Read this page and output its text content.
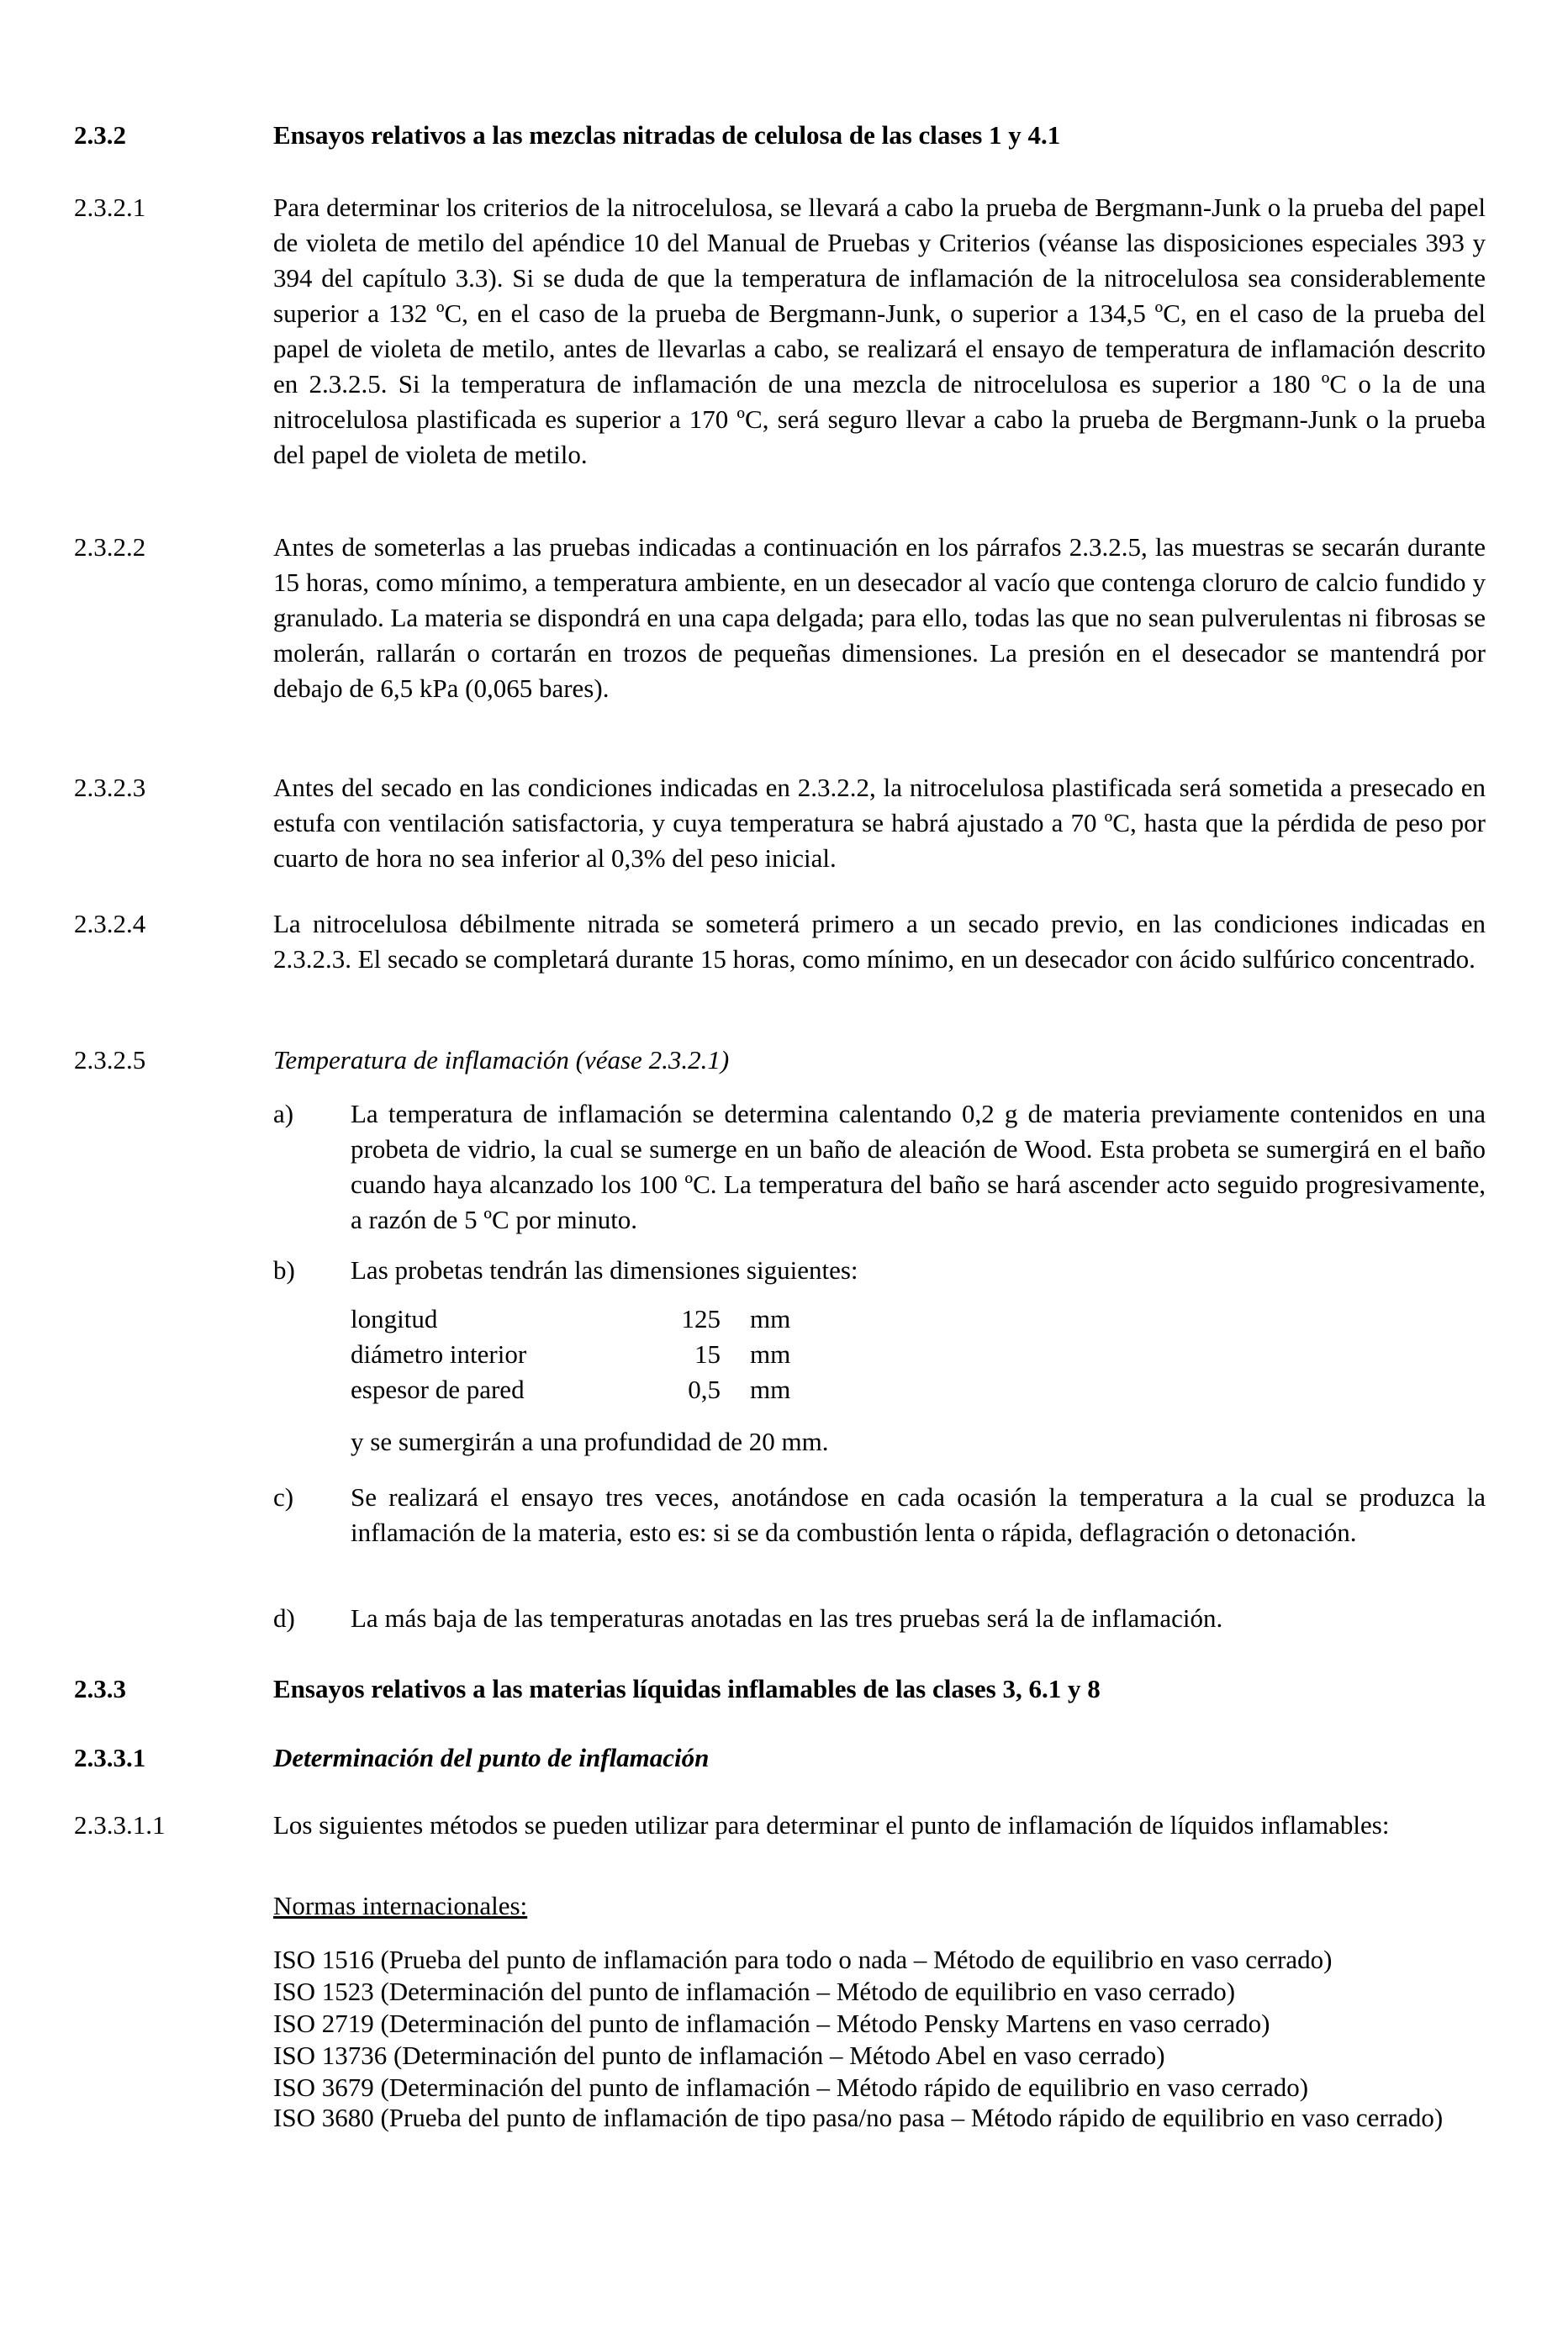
2.3.2	Ensayos relativos a las mezclas nitradas de celulosa de las clases 1 y 4.1
2.3.2.1	Para determinar los criterios de la nitrocelulosa, se llevará a cabo la prueba de Bergmann-Junk o la prueba del papel de violeta de metilo del apéndice 10 del Manual de Pruebas y Criterios (véanse las disposiciones especiales 393 y 394 del capítulo 3.3). Si se duda de que la temperatura de inflamación de la nitrocelulosa sea considerablemente superior a 132 ºC, en el caso de la prueba de Bergmann-Junk, o superior a 134,5 ºC, en el caso de la prueba del papel de violeta de metilo, antes de llevarlas a cabo, se realizará el ensayo de temperatura de inflamación descrito en 2.3.2.5. Si la temperatura de inflamación de una mezcla de nitrocelulosa es superior a 180 ºC o la de una nitrocelulosa plastificada es superior a 170 ºC, será seguro llevar a cabo la prueba de Bergmann-Junk o la prueba del papel de violeta de metilo.
2.3.2.2	Antes de someterlas a las pruebas indicadas a continuación en los párrafos 2.3.2.5, las muestras se secarán durante 15 horas, como mínimo, a temperatura ambiente, en un desecador al vacío que contenga cloruro de calcio fundido y granulado. La materia se dispondrá en una capa delgada; para ello, todas las que no sean pulverulentas ni fibrosas se molerán, rallarán o cortarán en trozos de pequeñas dimensiones. La presión en el desecador se mantendrá por debajo de 6,5 kPa (0,065 bares).
2.3.2.3	Antes del secado en las condiciones indicadas en 2.3.2.2, la nitrocelulosa plastificada será sometida a presecado en estufa con ventilación satisfactoria, y cuya temperatura se habrá ajustado a 70 ºC, hasta que la pérdida de peso por cuarto de hora no sea inferior al 0,3% del peso inicial.
2.3.2.4	La nitrocelulosa débilmente nitrada se someterá primero a un secado previo, en las condiciones indicadas en 2.3.2.3. El secado se completará durante 15 horas, como mínimo, en un desecador con ácido sulfúrico concentrado.
2.3.2.5	Temperatura de inflamación (véase 2.3.2.1)
a) La temperatura de inflamación se determina calentando 0,2 g de materia previamente contenidos en una probeta de vidrio, la cual se sumerge en un baño de aleación de Wood. Esta probeta se sumergirá en el baño cuando haya alcanzado los 100 ºC. La temperatura del baño se hará ascender acto seguido progresivamente, a razón de 5 ºC por minuto.
b) Las probetas tendrán las dimensiones siguientes:
longitud	125 mm
diámetro interior	15 mm
espesor de pared	0,5 mm
y se sumergirán a una profundidad de 20 mm.
c) Se realizará el ensayo tres veces, anotándose en cada ocasión la temperatura a la cual se produzca la inflamación de la materia, esto es: si se da combustión lenta o rápida, deflagración o detonación.
d) La más baja de las temperaturas anotadas en las tres pruebas será la de inflamación.
2.3.3	Ensayos relativos a las materias líquidas inflamables de las clases 3, 6.1 y 8
2.3.3.1	Determinación del punto de inflamación
2.3.3.1.1	Los siguientes métodos se pueden utilizar para determinar el punto de inflamación de líquidos inflamables:
Normas internacionales:
ISO 1516 (Prueba del punto de inflamación para todo o nada – Método de equilibrio en vaso cerrado)
ISO 1523 (Determinación del punto de inflamación – Método de equilibrio en vaso cerrado)
ISO 2719 (Determinación del punto de inflamación – Método Pensky Martens en vaso cerrado)
ISO 13736 (Determinación del punto de inflamación – Método Abel en vaso cerrado)
ISO 3679 (Determinación del punto de inflamación – Método rápido de equilibrio en vaso cerrado)
ISO 3680 (Prueba del punto de inflamación de tipo pasa/no pasa – Método rápido de equilibrio en vaso cerrado)
